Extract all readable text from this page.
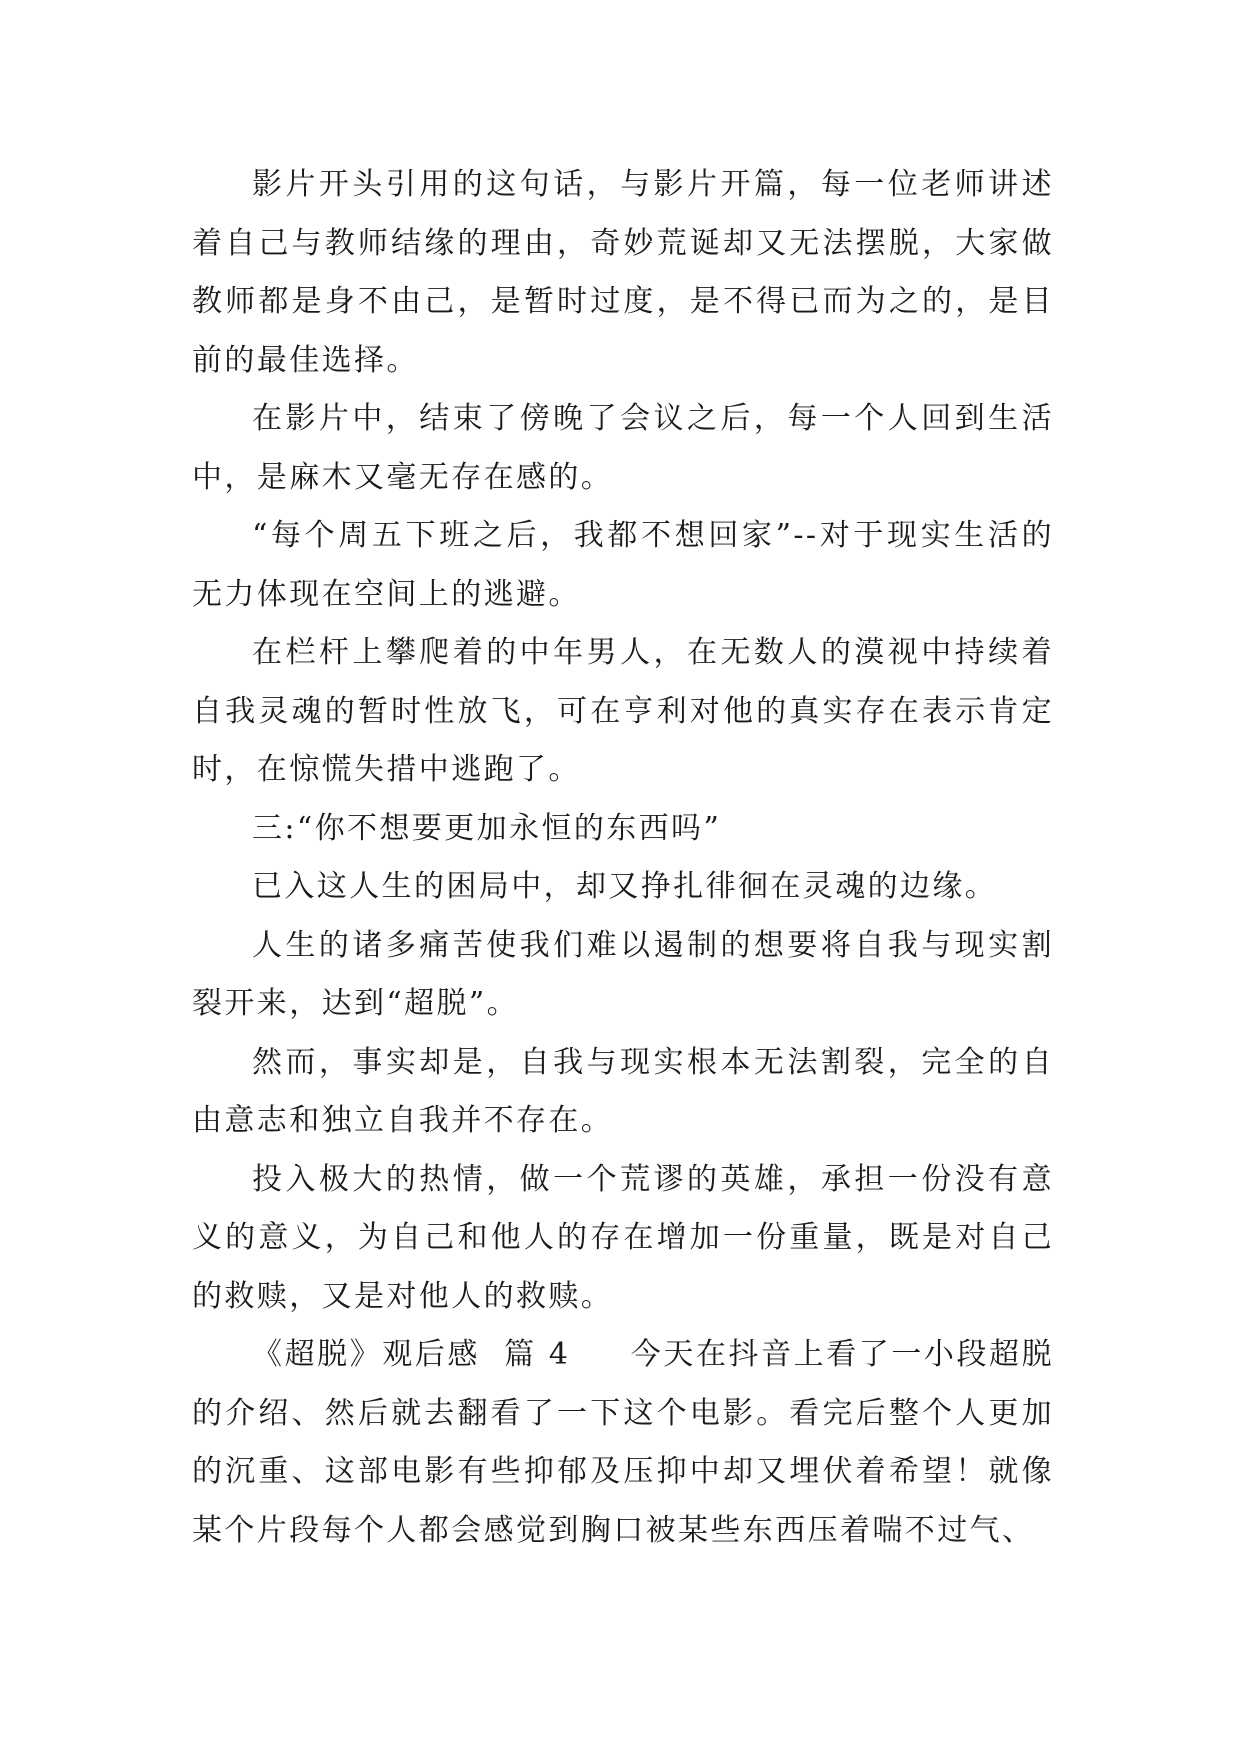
影片开头引用的这句话，与影片开篇，每一位老师讲述着自己与教师结缘的理由，奇妙荒诞却又无法摆脱，大家做教师都是身不由己，是暂时过度，是不得已而为之的，是目前的最佳选择。

在影片中，结束了傍晚了会议之后，每一个人回到生活中，是麻木又毫无存在感的。

“每个周五下班之后，我都不想回家”--对于现实生活的无力体现在空间上的逃避。

在栏杆上攀爬着的中年男人，在无数人的漠视中持续着自我灵魂的暂时性放飞，可在亨利对他的真实存在表示肯定时，在惊慌失措中逃跑了。

三:“你不想要更加永恒的东西吗”

已入这人生的困局中，却又挣扎徘徊在灵魂的边缘。

人生的诸多痛苦使我们难以遏制的想要将自我与现实割裂开来，达到“超脱”。

然而，事实却是，自我与现实根本无法割裂，完全的自由意志和独立自我并不存在。

投入极大的热情，做一个荒谬的英雄，承担一份没有意义的意义，为自己和他人的存在增加一份重量，既是对自己的救赎，又是对他人的救赎。

《超脱》观后感  篇 4     今天在抖音上看了一小段超脱的介绍、然后就去翻看了一下这个电影。看完后整个人更加的沉重、这部电影有些抑郁及压抑中却又埋伏着希望！就像某个片段每个人都会感觉到胸口被某些东西压着喘不过气、
